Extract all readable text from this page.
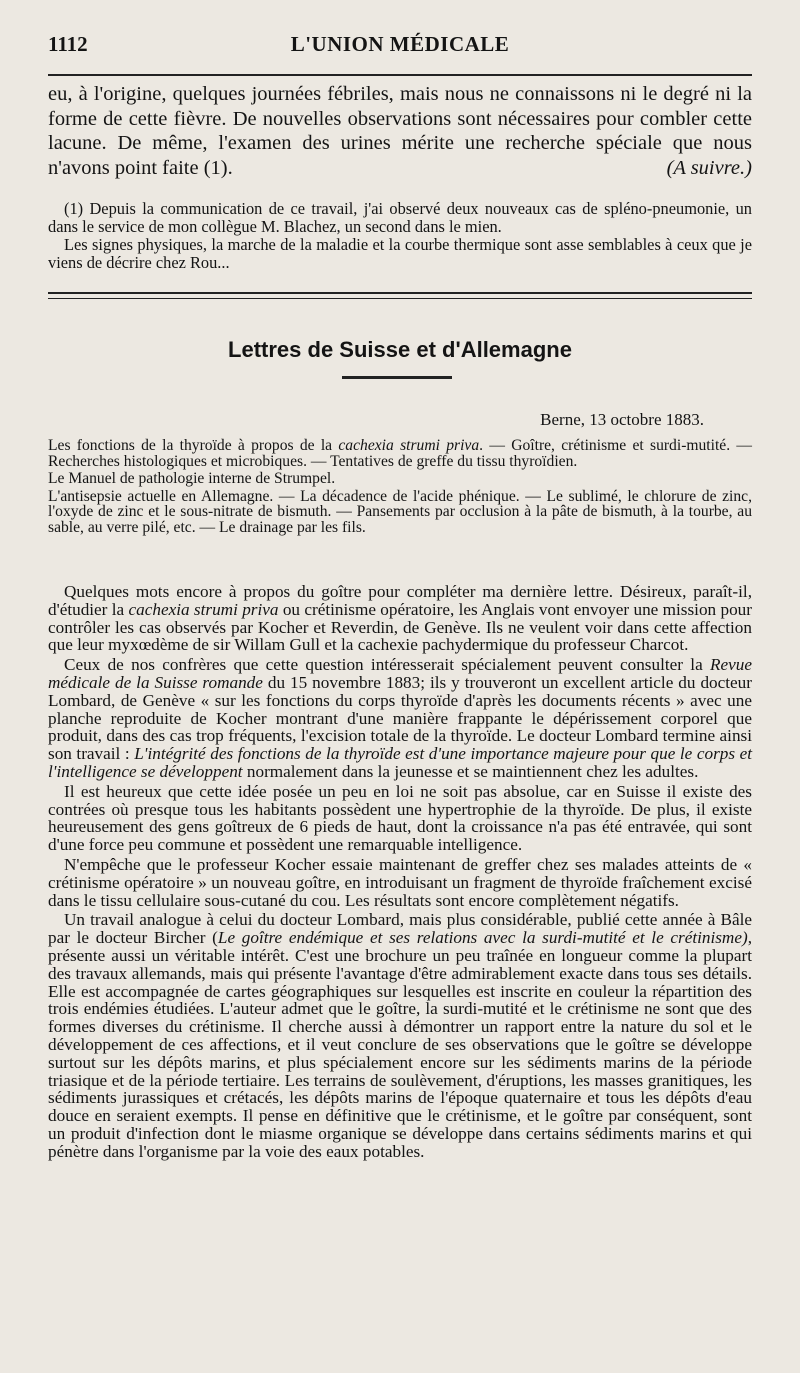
1112	L'UNION MÉDICALE

eu, à l'origine, quelques journées fébriles, mais nous ne connaissons ni le degré ni la forme de cette fièvre. De nouvelles observations sont nécessaires pour combler cette lacune. De même, l'examen des urines mérite une recherche spéciale que nous n'avons point faite (1).	(A suivre.)

(1) Depuis la communication de ce travail, j'ai observé deux nouveaux cas de spléno-pneumonie, un dans le service de mon collègue M. Blachez, un second dans le mien.

Les signes physiques, la marche de la maladie et la courbe thermique sont asse semblables à ceux que je viens de décrire chez Rou...

Lettres de Suisse et d'Allemagne
Berne, 13 octobre 1883.

Les fonctions de la thyroïde à propos de la cachexia strumi priva. — Goître, crétinisme et surdi-mutité. — Recherches histologiques et microbiques. — Tentatives de greffe du tissu thyroïdien.

Le Manuel de pathologie interne de Strumpel.

L'antisepsie actuelle en Allemagne. — La décadence de l'acide phénique. — Le sublimé, le chlorure de zinc, l'oxyde de zinc et le sous-nitrate de bismuth. — Pansements par occlusion à la pâte de bismuth, à la tourbe, au sable, au verre pilé, etc. — Le drainage par les fils.

Quelques mots encore à propos du goître pour compléter ma dernière lettre. Désireux, paraît-il, d'étudier la cachexia strumi priva ou crétinisme opératoire, les Anglais vont envoyer une mission pour contrôler les cas observés par Kocher et Reverdin, de Genève. Ils ne veulent voir dans cette affection que leur myxœdème de sir Willam Gull et la cachexie pachydermique du professeur Charcot.

Ceux de nos confrères que cette question intéresserait spécialement peuvent consulter la Revue médicale de la Suisse romande du 15 novembre 1883; ils y trouveront un excellent article du docteur Lombard, de Genève « sur les fonctions du corps thyroïde d'après les documents récents » avec une planche reproduite de Kocher montrant d'une manière frappante le dépérissement corporel que produit, dans des cas trop fréquents, l'excision totale de la thyroïde. Le docteur Lombard termine ainsi son travail : L'intégrité des fonctions de la thyroïde est d'une importance majeure pour que le corps et l'intelligence se développent normalement dans la jeunesse et se maintiennent chez les adultes.

Il est heureux que cette idée posée un peu en loi ne soit pas absolue, car en Suisse il existe des contrées où presque tous les habitants possèdent une hypertrophie de la thyroïde. De plus, il existe heureusement des gens goîtreux de 6 pieds de haut, dont la croissance n'a pas été entravée, qui sont d'une force peu commune et possèdent une remarquable intelligence.

N'empêche que le professeur Kocher essaie maintenant de greffer chez ses malades atteints de « crétinisme opératoire » un nouveau goître, en introduisant un fragment de thyroïde fraîchement excisé dans le tissu cellulaire sous-cutané du cou. Les résultats sont encore complètement négatifs.

Un travail analogue à celui du docteur Lombard, mais plus considérable, publié cette année à Bâle par le docteur Bircher (Le goître endémique et ses relations avec la surdi-mutité et le crétinisme), présente aussi un véritable intérêt. C'est une brochure un peu traînée en longueur comme la plupart des travaux allemands, mais qui présente l'avantage d'être admirablement exacte dans tous ses détails. Elle est accompagnée de cartes géographiques sur lesquelles est inscrite en couleur la répartition des trois endémies étudiées. L'auteur admet que le goître, la surdi-mutité et le crétinisme ne sont que des formes diverses du crétinisme. Il cherche aussi à démontrer un rapport entre la nature du sol et le développement de ces affections, et il veut conclure de ses observations que le goître se développe surtout sur les dépôts marins, et plus spécialement encore sur les sédiments marins de la période triasique et de la période tertiaire. Les terrains de soulèvement, d'éruptions, les masses granitiques, les sédiments jurassiques et crétacés, les dépôts marins de l'époque quaternaire et tous les dépôts d'eau douce en seraient exempts. Il pense en définitive que le crétinisme, et le goître par conséquent, sont un produit d'infection dont le miasme organique se développe dans certains sédiments marins et qui pénètre dans l'organisme par la voie des eaux potables.
